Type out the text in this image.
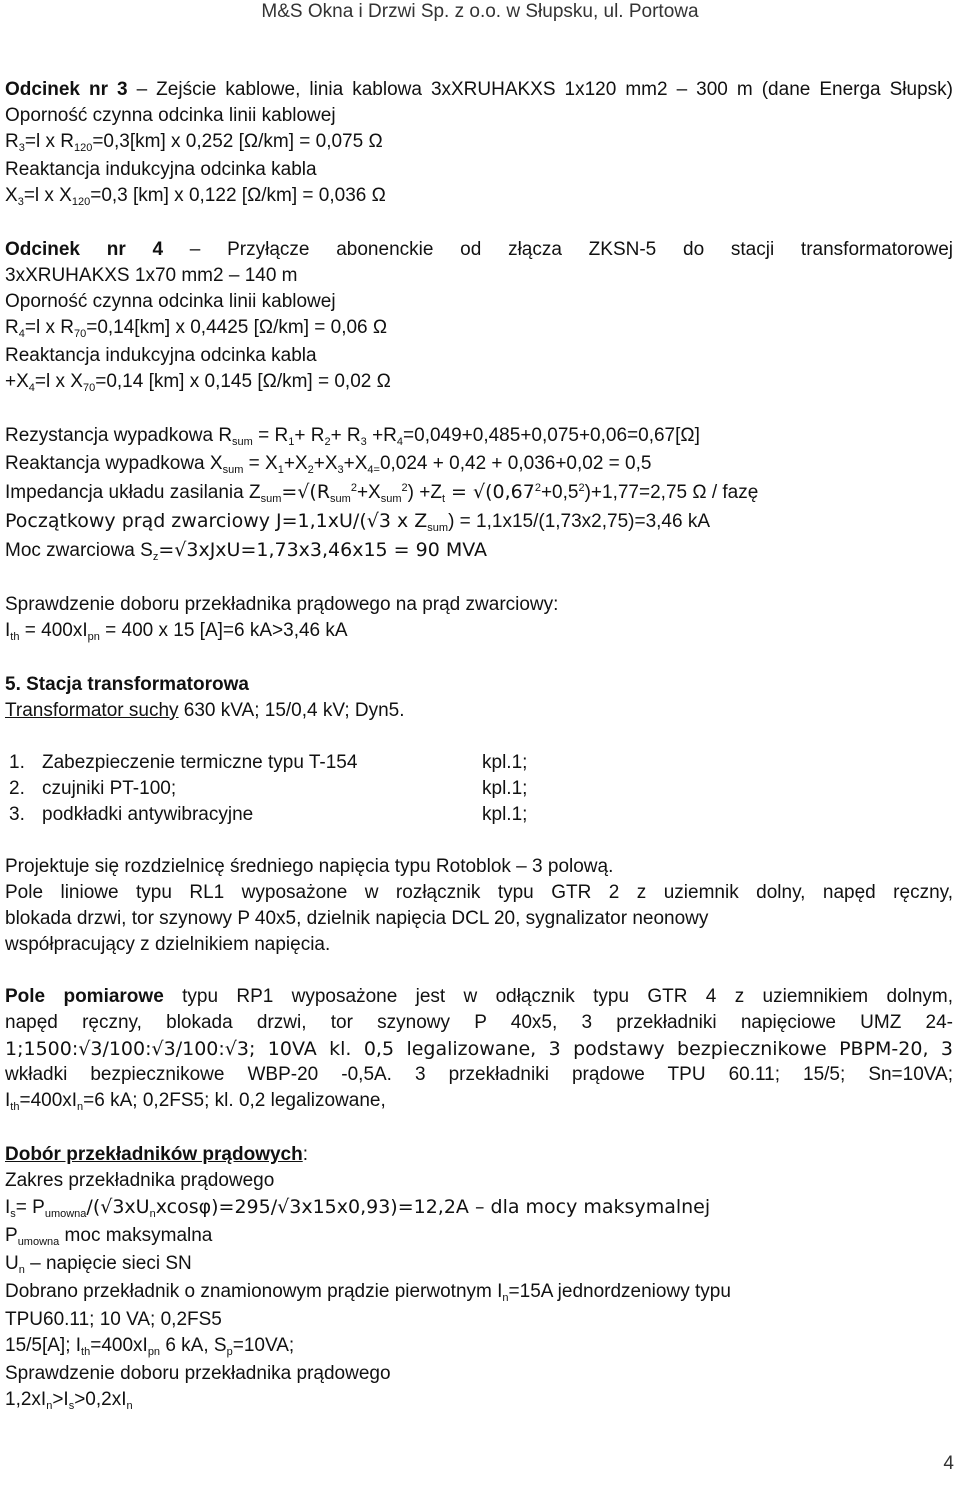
M&S Okna i Drzwi Sp. z o.o. w Słupsku, ul. Portowa

Odcinek nr 3 – Zejście kablowe, linia kablowa 3xXRUHAKXS 1x120 mm2 – 300 m (dane Energa Słupsk)

Oporność czynna odcinka linii kablowej

$R_3=l$ x $R_{120}=0,3[km]$ x 0,252 [Ω/km] = 0,075 Ω

Reaktancja indukcyjna odcinka kabla

$X_3=l$ x $X_{120}=0,3$ [km] x 0,122 [Ω/km] = 0,036 Ω

Odcinek nr 4 – Przyłącze abonenckie od złącza ZKSN-5 do stacji transformatorowej

3xXRUHAKXS 1x70 mm2 – 140 m

Oporność czynna odcinka linii kablowej

$R_4=l$ x $R_{70}=0,14[km]$ x 0,4425 [Ω/km] = 0,06 Ω

Reaktancja indukcyjna odcinka kabla

$+X_4=l$ x $X_{70}=0,14$ [km] x 0,145 [Ω/km] = 0,02 Ω

Rezystancja wypadkowa $R_{sum} = R_1+ R_2+ R_3 +R_4=0,049+0,485+0,075+0,06=0,67[\Omega]$

Reaktancja wypadkowa $X_{sum} = X_1+X_2+X_3+X_{4=}0,024 + 0,42 + 0,036+0,02 = 0,5$

Impedancja układu zasilania $Z_{sum}=√(R_{sum}^2+X_{sum}^2) +Z_t = √(0,67^2+0,5^2)+1,77=2,75$ Ω / fazę

Początkowy prąd zwarciowy J=1,1xU/(√3 x $Z_{sum}) = 1,1x15/(1,73x2,75)=3,46$ kA

Moc zwarciowa $S_z=√3xJxU=1,73x3,46x15 = 90$ MVA

Sprawdzenie doboru przekładnika prądowego na prąd zwarciowy:

$I_{th} = 400xI_{pn} = 400$ x 15 [A]=6 kA>3,46 kA

5. Stacja transformatorowa

Transformator suchy 630 kVA; 15/0,4 kV; Dyn5.

1. Zabezpieczenie termiczne typu T-154	kpl.1;
2. czujniki PT-100;	kpl.1;
3. podkładki antywibracyjne	kpl.1;

Projektuje się rozdzielnicę średniego napięcia typu Rotoblok – 3 polową.

Pole liniowe typu RL1 wyposażone w rozłącznik typu GTR 2 z uziemnik dolny, napęd ręczny,

blokada drzwi, tor szynowy P 40x5, dzielnik napięcia DCL 20, sygnalizator neonowy

współpracujący z dzielnikiem napięcia.

Pole pomiarowe typu RP1 wyposażone jest w odłącznik typu GTR 4 z uziemnikiem dolnym,

napęd ręczny, blokada drzwi, tor szynowy P 40x5, 3 przekładniki napięciowe UMZ 24-

1;1500:√3/100:√3/100:√3; 10VA kl. 0,5 legalizowane, 3 podstawy bezpiecznikowe PBPM-20, 3

wkładki bezpiecznikowe WBP-20 -0,5A. 3 przekładniki prądowe TPU 60.11; 15/5; Sn=10VA;

$I_{th}=400xI_n=6$ kA; 0,2FS5; kl. 0,2 legalizowane,

Dobór przekładników prądowych:

Zakres przekładnika prądowego

$I_s= P_{umowna}/(√3xU_nxcos\varphi)=295/√3x15x0,93)=12,2A$ – dla mocy maksymalnej

$P_{umowna}$ moc maksymalna

$U_n$ – napięcie sieci SN

Dobrano przekładnik o znamionowym prądzie pierwotnym $I_n=15A$ jednordzeniowy typu

TPU60.11; 10 VA; 0,2FS5

15/5[A]; $I_{th}=400xI_{pn}$ 6 kA, $S_p=10VA$;

Sprawdzenie doboru przekładnika prądowego

$1,2xI_n>I_s>0,2xI_n$

4
